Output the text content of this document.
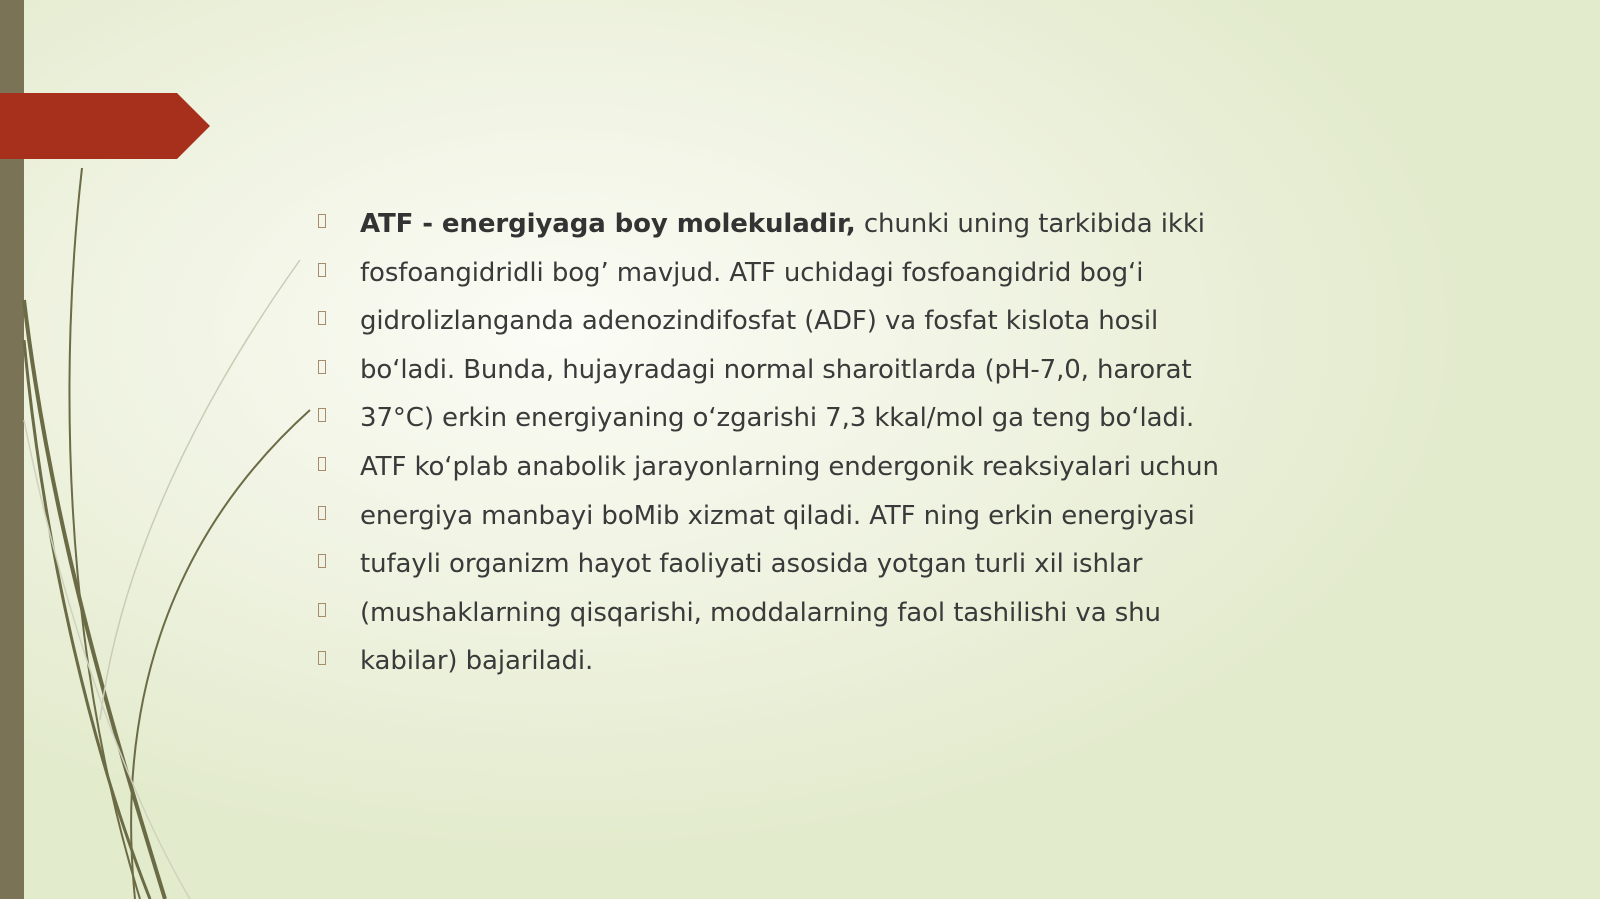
ATF - energiyaga boy molekuladir, chunki uning tarkibida ikki
fosfoangidridli bog’ mavjud. ATF uchidagi fosfoangidrid bog‘i
gidrolizlanganda adenozindifosfat (ADF) va fosfat kislota hosil
bo‘ladi. Bunda, hujayradagi normal sharoitlarda (pH-7,0, harorat
37°C) erkin energiyaning o‘zgarishi 7,3 kkal/mol ga teng bo‘ladi.
ATF ko‘plab anabolik jarayonlarning endergonik reaksiyalari uchun
energiya manbayi boMib xizmat qiladi. ATF ning erkin energiyasi
tufayli organizm hayot faoliyati asosida yotgan turli xil ishlar
(mushaklarning qisqarishi, moddalarning faol tashilishi va shu
kabilar) bajariladi.
